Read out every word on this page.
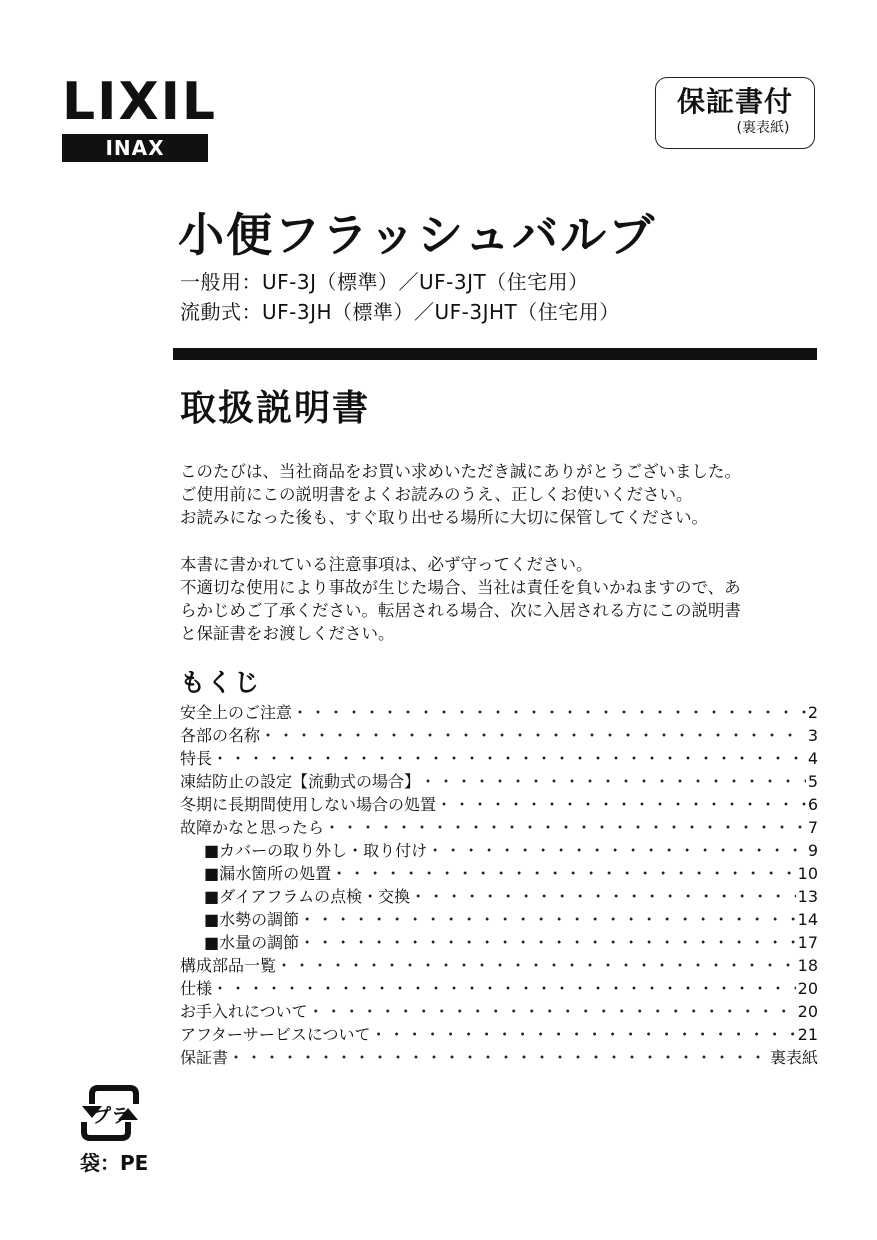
LIXIL
INAX
保証書付
(裏表紙)
小便フラッシュバルブ
一般用：UF-3J（標準）／UF-3JT（住宅用）
流動式：UF-3JH（標準）／UF-3JHT（住宅用）
取扱説明書

このたびは、当社商品をお買い求めいただき誠にありがとうございました。

ご使用前にこの説明書をよくお読みのうえ、正しくお使いください。

お読みになった後も、すぐ取り出せる場所に大切に保管してください。

本書に書かれている注意事項は、必ず守ってください。

不適切な使用により事故が生じた場合、当社は責任を負いかねますので、あ

らかじめご了承ください。転居される場合、次に入居される方にこの説明書

と保証書をお渡しください。

もくじ
安全上のご注意 ・・・・・・・・・・・・・・・・・・・・・・・・・・・・・・・・・・・・・・・・・・・・・・・・・・・・・・・・・・・・・・・・・・・・・・・・・・	2
各部の名称 ・・・・・・・・・・・・・・・・・・・・・・・・・・・・・・・・・・・・・・・・・・・・・・・・・・・・・・・・・・・・・・・・・・・・・・・・・・	3
特長 ・・・・・・・・・・・・・・・・・・・・・・・・・・・・・・・・・・・・・・・・・・・・・・・・・・・・・・・・・・・・・・・・・・・・・・・・・・	4
凍結防止の設定【流動式の場合】 ・・・・・・・・・・・・・・・・・・・・・・・・・・・・・・・・・・・・・・・・・・・・・・・・・・・・・・・・・・・・・・・・・・・・・・・・・・	5
冬期に長期間使用しない場合の処置 ・・・・・・・・・・・・・・・・・・・・・・・・・・・・・・・・・・・・・・・・・・・・・・・・・・・・・・・・・・・・・・・・・・・・・・・・・・	6
故障かなと思ったら ・・・・・・・・・・・・・・・・・・・・・・・・・・・・・・・・・・・・・・・・・・・・・・・・・・・・・・・・・・・・・・・・・・・・・・・・・・	7
■カバーの取り外し・取り付け ・・・・・・・・・・・・・・・・・・・・・・・・・・・・・・・・・・・・・・・・・・・・・・・・・・・・・・・・・・・・・・・・・・・・・・・・・・	9
■漏水箇所の処置 ・・・・・・・・・・・・・・・・・・・・・・・・・・・・・・・・・・・・・・・・・・・・・・・・・・・・・・・・・・・・・・・・・・・・・・・・・・	10
■ダイアフラムの点検・交換 ・・・・・・・・・・・・・・・・・・・・・・・・・・・・・・・・・・・・・・・・・・・・・・・・・・・・・・・・・・・・・・・・・・・・・・・・・・	13
■水勢の調節 ・・・・・・・・・・・・・・・・・・・・・・・・・・・・・・・・・・・・・・・・・・・・・・・・・・・・・・・・・・・・・・・・・・・・・・・・・・	14
■水量の調節 ・・・・・・・・・・・・・・・・・・・・・・・・・・・・・・・・・・・・・・・・・・・・・・・・・・・・・・・・・・・・・・・・・・・・・・・・・・	17
構成部品一覧 ・・・・・・・・・・・・・・・・・・・・・・・・・・・・・・・・・・・・・・・・・・・・・・・・・・・・・・・・・・・・・・・・・・・・・・・・・・	18
仕様 ・・・・・・・・・・・・・・・・・・・・・・・・・・・・・・・・・・・・・・・・・・・・・・・・・・・・・・・・・・・・・・・・・・・・・・・・・・	20
お手入れについて ・・・・・・・・・・・・・・・・・・・・・・・・・・・・・・・・・・・・・・・・・・・・・・・・・・・・・・・・・・・・・・・・・・・・・・・・・・	20
アフターサービスについて ・・・・・・・・・・・・・・・・・・・・・・・・・・・・・・・・・・・・・・・・・・・・・・・・・・・・・・・・・・・・・・・・・・・・・・・・・・	21
保証書 ・・・・・・・・・・・・・・・・・・・・・・・・・・・・・・・・・・・・・・・・・・・・・・・・・・・・・・・・・・・・・・・・・・・・・・・・・・	裏表紙
プラ
袋：PE
